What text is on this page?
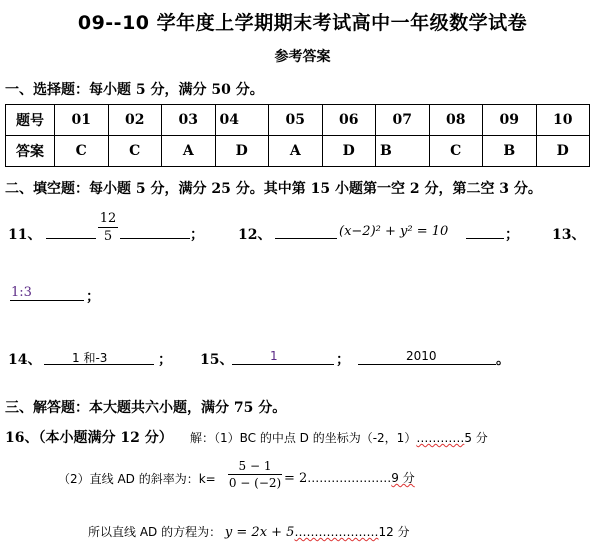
09--10 学年度上学期期末考试高中一年级数学试卷
参考答案
一、选择题：每小题 5 分，满分 50 分。
题号	01	02	03	04	05	06	07	08	09	10
答案	C	C	A	D	A	D	B	C	B	D
二、填空题：每小题 5 分，满分 25 分。其中第 15 小题第一空 2 分，第二空 3 分。
11、
12
5	； 12、	(x−2)² + y² = 10	； 13、
1:3	；
14、	1 和-3	； 15、	1	；	2010	。
三、解答题：本大题共六小题，满分 75 分。
16、（本小题满分 12 分） 解：（1）BC 的中点 D 的坐标为（-2，1）…………5 分
（2）直线 AD 的斜率为：k=
5 − 1
0 − (−2) = 2…………………9 分
所以直线 AD 的方程为： y = 2x + 5…………………12 分
